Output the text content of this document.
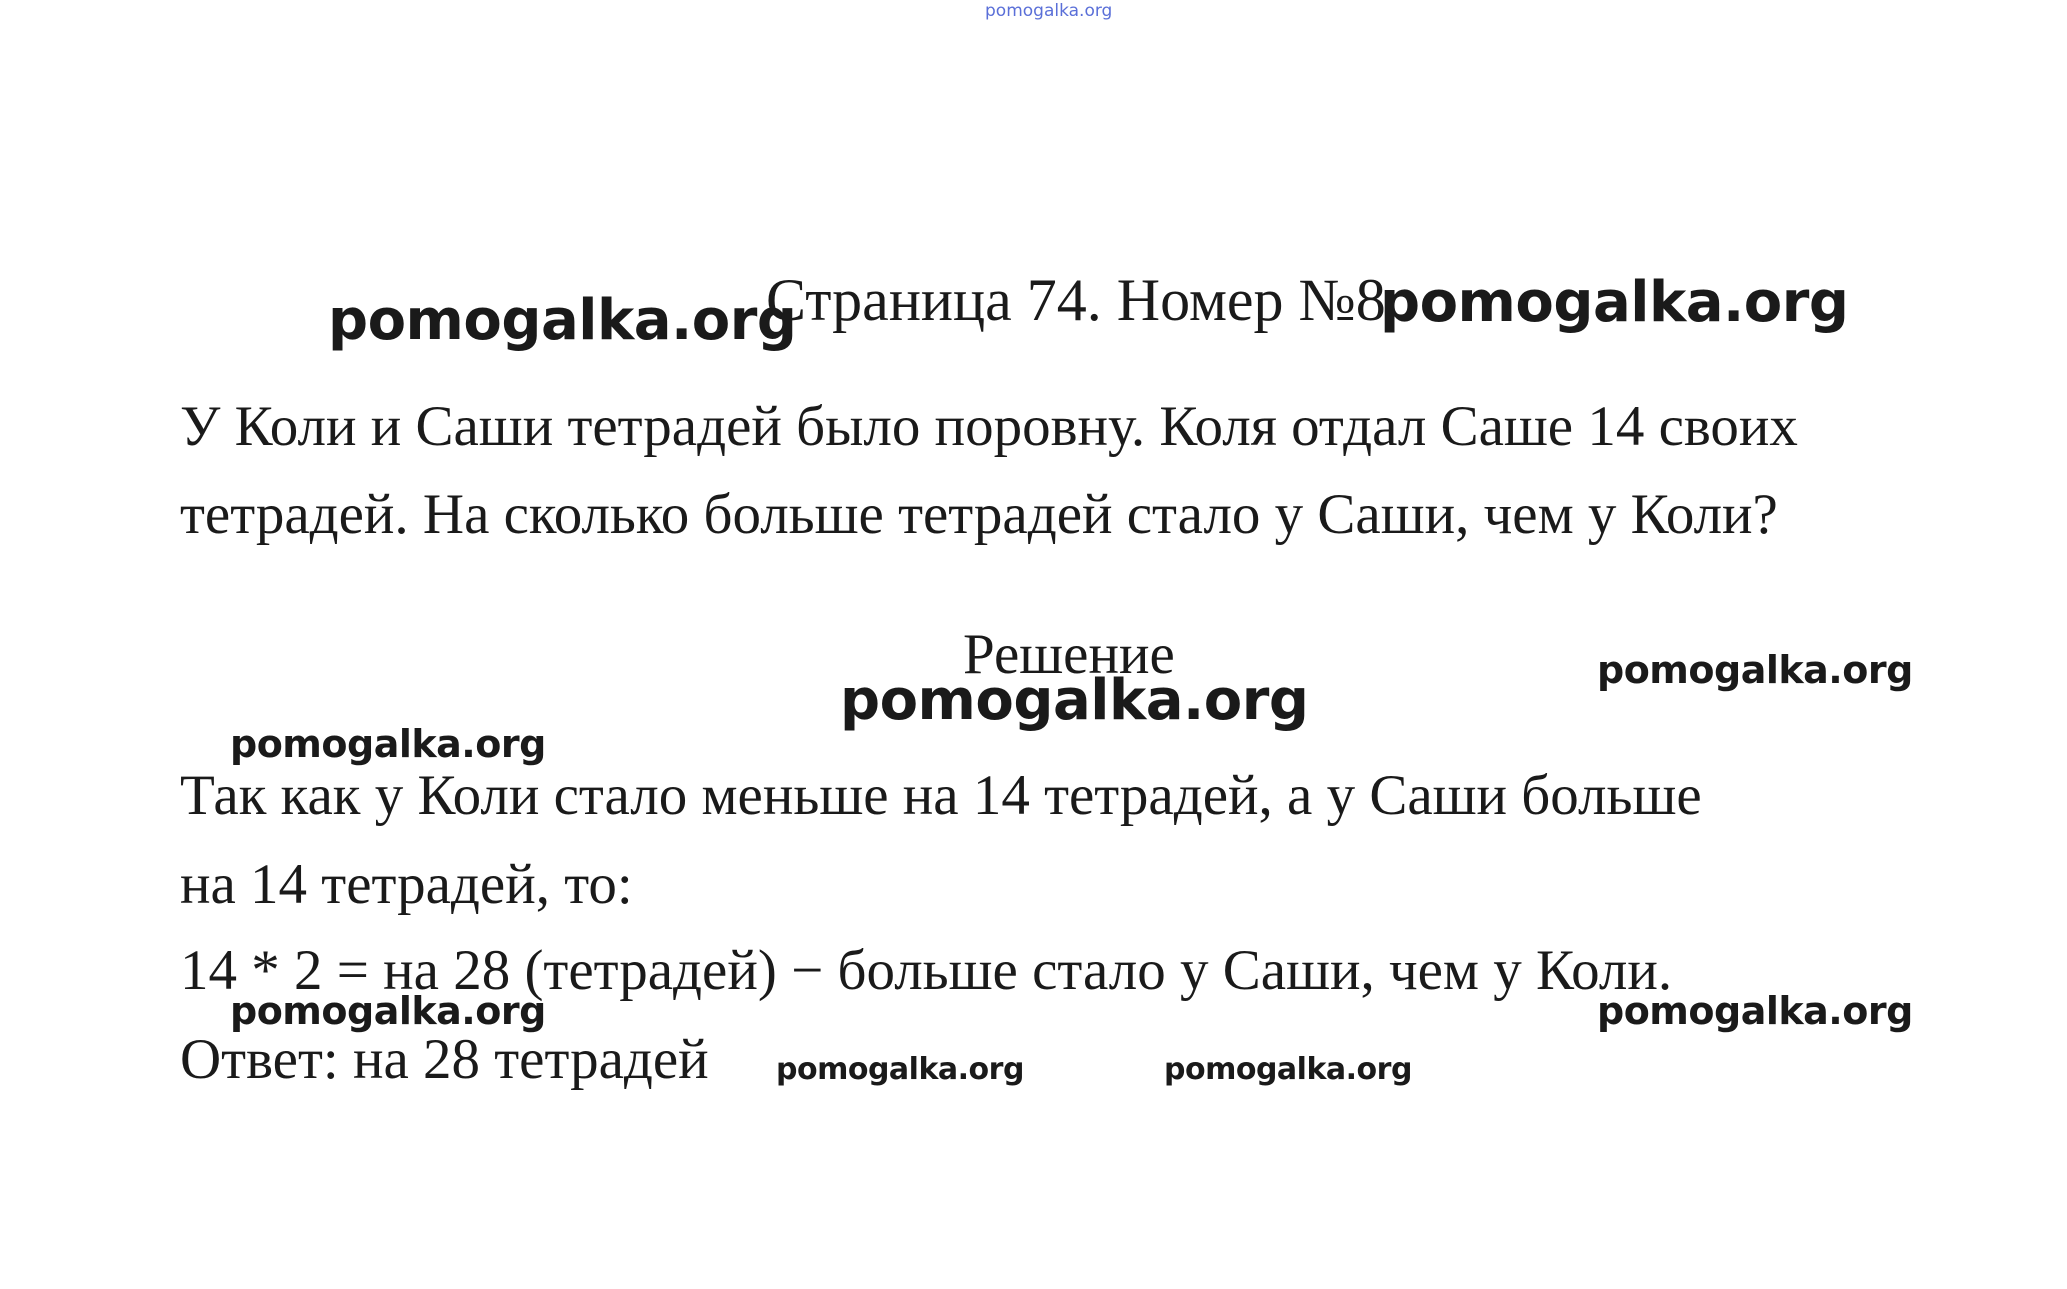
pomogalka.org
pomogalka.org
Страница 74. Номер №8
pomogalka.org
У Коли и Саши тетрадей было поровну. Коля отдал Саше 14 своих
тетрадей. На сколько больше тетрадей стало у Саши, чем у Коли?
Решение
pomogalka.org	pomogalka.org
pomogalka.org
Так как у Коли стало меньше на 14 тетрадей, а у Саши больше
на 14 тетрадей, то:
14 * 2 = на 28 (тетрадей) − больше стало у Саши, чем у Коли.
pomogalka.org	pomogalka.org
Ответ: на 28 тетрадей pomogalka.org	pomogalka.org
